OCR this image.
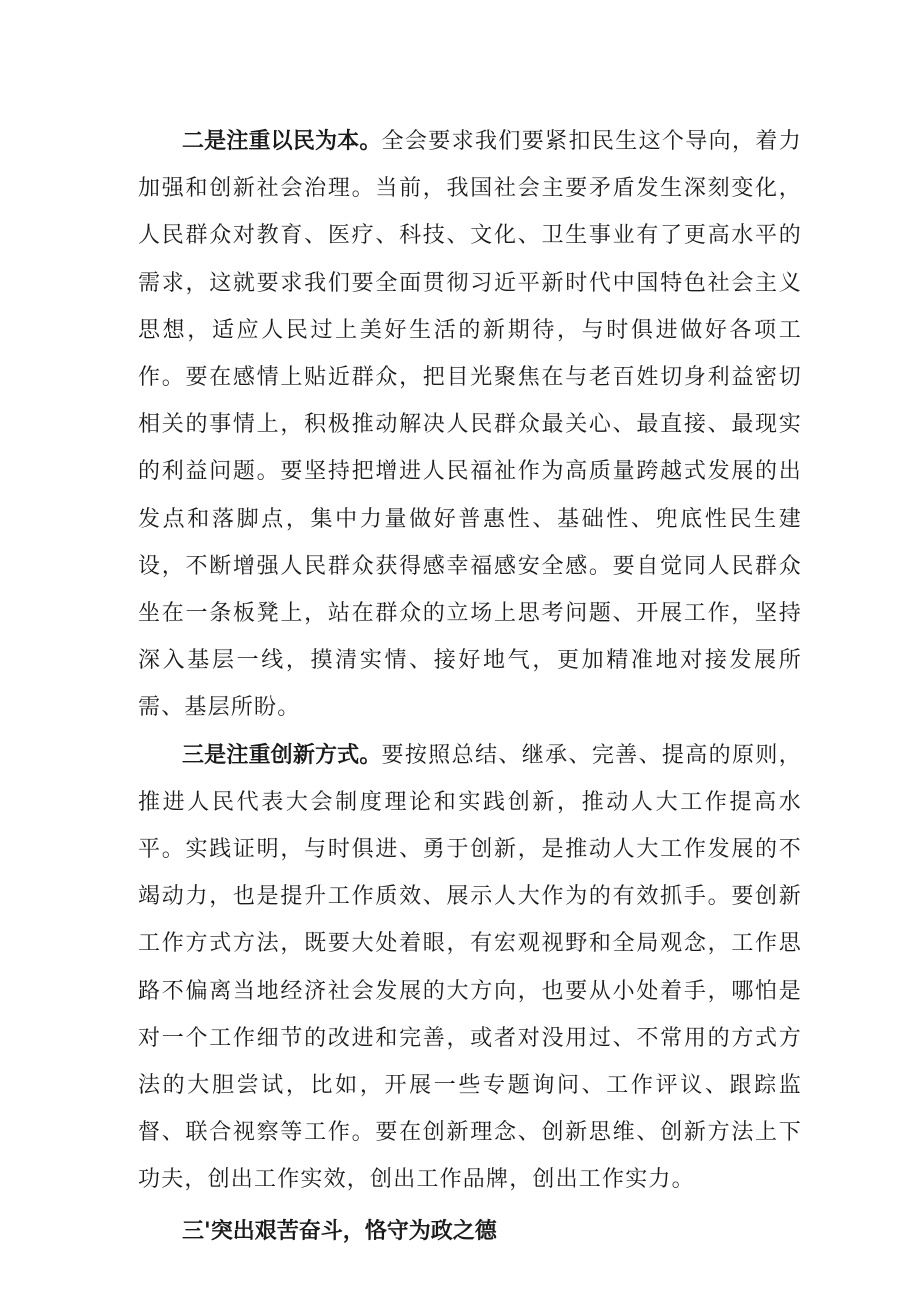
二是注重以民为本。全会要求我们要紧扣民生这个导向，着力加强和创新社会治理。当前，我国社会主要矛盾发生深刻变化，人民群众对教育、医疗、科技、文化、卫生事业有了更高水平的需求，这就要求我们要全面贯彻习近平新时代中国特色社会主义思想，适应人民过上美好生活的新期待，与时俱进做好各项工作。要在感情上贴近群众，把目光聚焦在与老百姓切身利益密切相关的事情上，积极推动解决人民群众最关心、最直接、最现实的利益问题。要坚持把增进人民福祉作为高质量跨越式发展的出发点和落脚点，集中力量做好普惠性、基础性、兜底性民生建设，不断增强人民群众获得感幸福感安全感。要自觉同人民群众坐在一条板凳上，站在群众的立场上思考问题、开展工作，坚持深入基层一线，摸清实情、接好地气，更加精准地对接发展所需、基层所盼。

三是注重创新方式。要按照总结、继承、完善、提高的原则，推进人民代表大会制度理论和实践创新，推动人大工作提高水平。实践证明，与时俱进、勇于创新，是推动人大工作发展的不竭动力，也是提升工作质效、展示人大作为的有效抓手。要创新工作方式方法，既要大处着眼，有宏观视野和全局观念，工作思路不偏离当地经济社会发展的大方向，也要从小处着手，哪怕是对一个工作细节的改进和完善，或者对没用过、不常用的方式方法的大胆尝试，比如，开展一些专题询问、工作评议、跟踪监督、联合视察等工作。要在创新理念、创新思维、创新方法上下功夫，创出工作实效，创出工作品牌，创出工作实力。

三'突出艰苦奋斗，恪守为政之德
